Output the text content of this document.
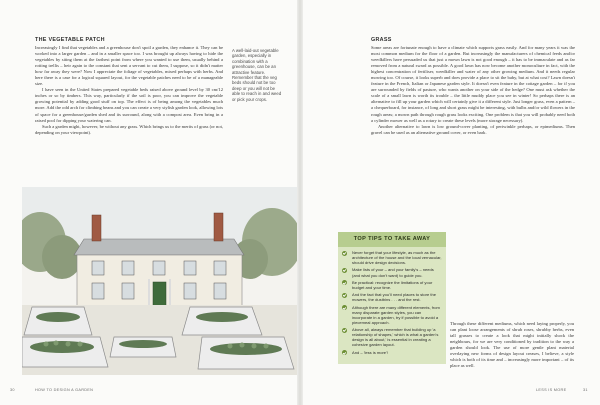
THE VEGETABLE PATCH

Increasingly I find that vegetables and a greenhouse don't spoil a garden, they enhance it. They can be worked into a larger garden – and in a smaller space too. I was brought up always having to hide the vegetables by siting them at the farthest point from where you wanted to use them, usually behind a rotting trellis – heir again to the constant that sent a servant to cut them, I suppose, so it didn't matter how far away they were? Now I appreciate the foliage of vegetables, mixed perhaps with herbs. And here there is a case for a logical squared layout, for the vegetable patches need to be of a manageable size.

I have seen in the United States prepared vegetable beds raised above ground level by 30 cm/12 inches or so by timbers. This way, particularly if the soil is poor, you can improve the vegetable growing potential by adding good stuff on top. The effect is of being among the vegetables much more. Add the odd arch for climbing beans and you can create a very stylish garden look, allowing lots of space for a greenhouse/garden shed and its surround, along with a compost area. Even bring in a raised pool for dipping your watering can.

Such a garden might, however, be without any grass. Which brings us to the merits of grass (or not, depending on your viewpoint).

A well-laid-out vegetable garden, especially in combination with a greenhouse, can be an attractive feature. Remember that the veg beds should not be too deep or you will not be able to reach in and weed or pick your crops.
30	HOW TO DESIGN A GARDEN
GRASS

Some areas are fortunate enough to have a climate which supports grass easily. And for many years it was the most common medium for the floor of a garden. But increasingly the manufacturers of chemical feeds and/or weedkillers have persuaded us that just a mown lawn is not good enough – it has to be immaculate and as far removed from a natural sward as possible. A good lawn has now become another monoculture in fact, with the highest concentration of fertiliser, weedkiller and water of any other growing medium. And it needs regular mowing too. Of course, it looks superb and does provide a place to sit the baby, but at what cost? Lawn doesn't feature in the French, Italian or Japanese garden style. It doesn't even feature in the cottage garden – for if you are surrounded by fields of pasture, who wants another on your side of the hedge? One must ask whether the scale of a small lawn is worth its trouble – the little muddy place you see in winter! So perhaps there is an alternative to fill up your garden which will certainly give it a different style. Just longer grass, even a pattern – a chequerboard, for instance, of long and short grass might be interesting, with bulbs and/or wild flowers in the rough areas; a mown path through rough grass looks exciting. One problem is that you will probably need both a cylinder mower as well as a rotary to create these levels (more storage necessary).

Another alternative to lawn is low ground-cover planting, of periwinkle perhaps, or epimediums. Then gravel can be used as an alternative ground cover, or even bark.

Never forget that your lifestyle, as much as the architecture of the house and the local vernacular, should drive design decisions.
Make lists of your – and your family's – needs (and what you don't want) to guide you.
Be practical: recognize the limitations of your budget and your time.
And the fact that you'll need places to store the mowers, the dustbins . . . and the rest.
Although there are many different elements, from many disparate garden styles, you can incorporate in a garden, try if possible to avoid a piecemeal approach.
Above all, always remember that building up 'a relationship of shapes,' which is what a garden's design is all about,' is essential in creating a cohesive garden layout.
And – 'less is more'!
TOP TIPS TO TAKE AWAY

Through these different mediums, which need laying properly, you can plant loose arrangements of shrub roses, shrubby herbs, even tall grasses to create a look that might initially shock the neighbours, for we are very conditioned by tradition to the way a garden should look. The use of more gentle plant material overlaying new forms of design layout creases, I believe, a style which is both of its time and – increasingly more important – of its place as well.

LESS IS MORE	31
